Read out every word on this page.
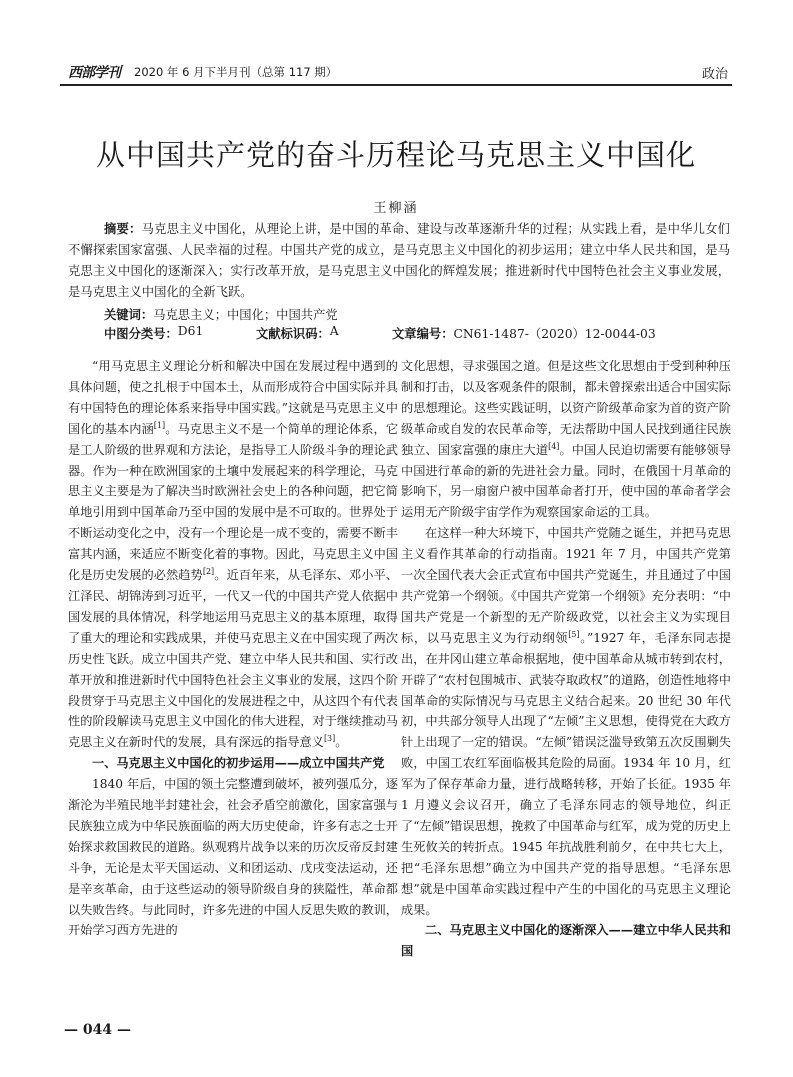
西部学刊 2020 年 6 月下半月刊（总第 117 期）	政治
从中国共产党的奋斗历程论马克思主义中国化
王柳涵

摘要：马克思主义中国化，从理论上讲，是中国的革命、建设与改革逐渐升华的过程；从实践上看，是中华儿女们不懈探索国家富强、人民幸福的过程。中国共产党的成立，是马克思主义中国化的初步运用；建立中华人民共和国，是马克思主义中国化的逐渐深入；实行改革开放，是马克思主义中国化的辉煌发展；推进新时代中国特色社会主义事业发展，是马克思主义中国化的全新飞跃。

关键词：马克思主义；中国化；中国共产党
中图分类号： D61	文献标识码： A	文章编号： CN61-1487-（2020）12-0044-03

“用马克思主义理论分析和解决中国在发展过程中遇到的具体问题，使之扎根于中国本土，从而形成符合中国实际并具有中国特色的理论体系来指导中国实践。”这就是马克思主义中国化的基本内涵[1]。马克思主义不是一个简单的理论体系，它是工人阶级的世界观和方法论，是指导工人阶级斗争的理论武器。作为一种在欧洲国家的土壤中发展起来的科学理论，马克思主义主要是为了解决当时欧洲社会史上的各种问题，把它简单地引用到中国革命乃至中国的发展中是不可取的。世界处于不断运动变化之中，没有一个理论是一成不变的，需要不断丰富其内涵，来适应不断变化着的事物。因此，马克思主义中国化是历史发展的必然趋势[2]。近百年来，从毛泽东、邓小平、江泽民、胡锦涛到习近平，一代又一代的中国共产党人依据中国发展的具体情况，科学地运用马克思主义的基本原理，取得了重大的理论和实践成果，并使马克思主义在中国实现了两次历史性飞跃。成立中国共产党、建立中华人民共和国、实行改革开放和推进新时代中国特色社会主义事业的发展，这四个阶段贯穿于马克思主义中国化的发展进程之中，从这四个有代表性的阶段解读马克思主义中国化的伟大进程，对于继续推动马克思主义在新时代的发展，具有深远的指导意义[3]。

一、马克思主义中国化的初步运用——成立中国共产党

1840 年后，中国的领土完整遭到破坏，被列强瓜分，逐渐沦为半殖民地半封建社会，社会矛盾空前激化，国家富强与民族独立成为中华民族面临的两大历史使命，许多有志之士开始探求救国救民的道路。纵观鸦片战争以来的历次反帝反封建斗争，无论是太平天国运动、义和团运动、戊戌变法运动，还是辛亥革命，由于这些运动的领导阶级自身的狭隘性，革命都以失败告终。与此同时，许多先进的中国人反思失败的教训，开始学习西方先进的

文化思想，寻求强国之道。但是这些文化思想由于受到种种压制和打击，以及客观条件的限制，都未曾探索出适合中国实际的思想理论。这些实践证明，以资产阶级革命家为首的资产阶级革命或自发的农民革命等，无法帮助中国人民找到通往民族独立、国家富强的康庄大道[4]。中国人民迫切需要有能够领导中国进行革命的新的先进社会力量。同时，在俄国十月革命的影响下，另一扇窗户被中国革命者打开，使中国的革命者学会运用无产阶级宇宙学作为观察国家命运的工具。

在这样一种大环境下，中国共产党随之诞生，并把马克思主义看作其革命的行动指南。1921 年 7 月，中国共产党第一次全国代表大会正式宣布中国共产党诞生，并且通过了中国共产党第一个纲领。《中国共产党第一个纲领》充分表明：“中国共产党是一个新型的无产阶级政党，以社会主义为实现目标，以马克思主义为行动纲领[5]。”1927 年，毛泽东同志提出，在井冈山建立革命根据地，使中国革命从城市转到农村，开辟了“农村包围城市、武装夺取政权”的道路，创造性地将中国革命的实际情况与马克思主义结合起来。20 世纪 30 年代初，中共部分领导人出现了“左倾”主义思想，使得党在大政方针上出现了一定的错误。“左倾”错误泛滥导致第五次反围剿失败，中国工农红军面临极其危险的局面。1934 年 10 月，红军为了保存革命力量，进行战略转移，开始了长征。1935 年 1 月遵义会议召开，确立了毛泽东同志的领导地位，纠正了“左倾”错误思想，挽救了中国革命与红军，成为党的历史上生死攸关的转折点。1945 年抗战胜利前夕，在中共七大上，把“毛泽东思想”确立为中国共产党的指导思想。“毛泽东思想”就是中国革命实践过程中产生的中国化的马克思主义理论成果。

二、马克思主义中国化的逐渐深入——建立中华人民共和国
— 044 —
